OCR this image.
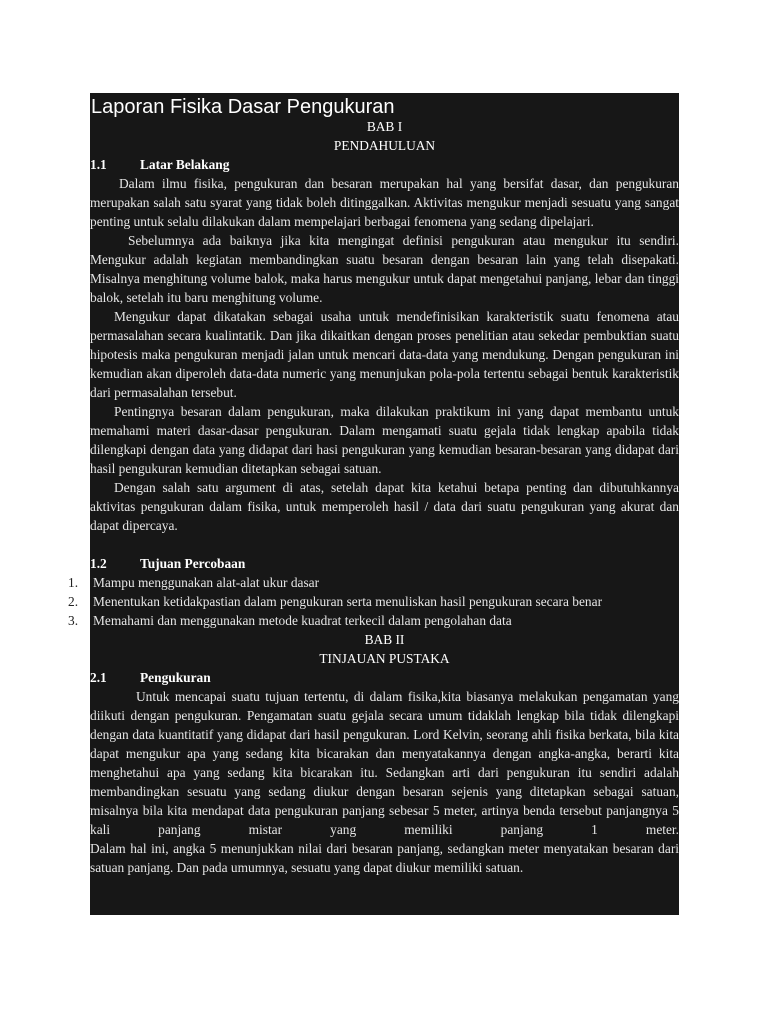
Laporan Fisika Dasar Pengukuran
BAB I
PENDAHULUAN
1.1 Latar Belakang

Dalam ilmu fisika, pengukuran dan besaran merupakan hal yang bersifat dasar, dan pengukuran merupakan salah satu syarat yang tidak boleh ditinggalkan. Aktivitas mengukur menjadi sesuatu yang sangat penting untuk selalu dilakukan dalam mempelajari berbagai fenomena yang sedang dipelajari.

Sebelumnya ada baiknya jika kita mengingat definisi pengukuran atau mengukur itu sendiri. Mengukur adalah kegiatan membandingkan suatu besaran dengan besaran lain yang telah disepakati. Misalnya menghitung volume balok, maka harus mengukur untuk dapat mengetahui panjang, lebar dan tinggi balok, setelah itu baru menghitung volume.

Mengukur dapat dikatakan sebagai usaha untuk mendefinisikan karakteristik suatu fenomena atau permasalahan secara kualintatik. Dan jika dikaitkan dengan proses penelitian atau sekedar pembuktian suatu hipotesis maka pengukuran menjadi jalan untuk mencari data-data yang mendukung. Dengan pengukuran ini kemudian akan diperoleh data-data numeric yang menunjukan pola-pola tertentu sebagai bentuk karakteristik dari permasalahan tersebut.

Pentingnya besaran dalam pengukuran, maka dilakukan praktikum ini yang dapat membantu untuk memahami materi dasar-dasar pengukuran. Dalam mengamati suatu gejala tidak lengkap apabila tidak dilengkapi dengan data yang didapat dari hasi pengukuran yang kemudian besaran-besaran yang didapat dari hasil pengukuran kemudian ditetapkan sebagai satuan.

Dengan salah satu argument di atas, setelah dapat kita ketahui betapa penting dan dibutuhkannya aktivitas pengukuran dalam fisika, untuk memperoleh hasil / data dari suatu pengukuran yang akurat dan dapat dipercaya.

1.2 Tujuan Percobaan
1.	Mampu menggunakan alat-alat ukur dasar
2.	Menentukan ketidakpastian dalam pengukuran serta menuliskan hasil pengukuran secara benar
3.	Memahami dan menggunakan metode kuadrat terkecil dalam pengolahan data
BAB II
TINJAUAN PUSTAKA
2.1 Pengukuran

Untuk mencapai suatu tujuan tertentu, di dalam fisika,kita biasanya melakukan pengamatan yang diikuti dengan pengukuran. Pengamatan suatu gejala secara umum tidaklah lengkap bila tidak dilengkapi dengan data kuantitatif yang didapat dari hasil pengukuran. Lord Kelvin, seorang ahli fisika berkata, bila kita dapat mengukur apa yang sedang kita bicarakan dan menyatakannya dengan angka-angka, berarti kita menghetahui apa yang sedang kita bicarakan itu. Sedangkan arti dari pengukuran itu sendiri adalah membandingkan sesuatu yang sedang diukur dengan besaran sejenis yang ditetapkan sebagai satuan, misalnya bila kita mendapat data pengukuran panjang sebesar 5 meter, artinya benda tersebut panjangnya 5 kali panjang mistar yang memiliki panjang 1 meter.

Dalam hal ini, angka 5 menunjukkan nilai dari besaran panjang, sedangkan meter menyatakan besaran dari satuan panjang. Dan pada umumnya, sesuatu yang dapat diukur memiliki satuan.
